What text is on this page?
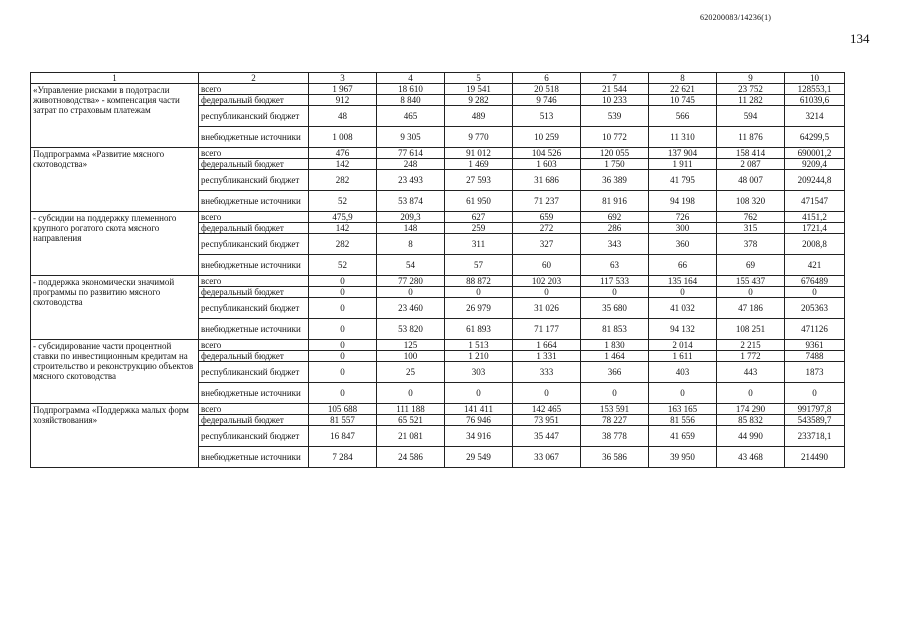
620200083/14236(1)
134
1	2	3	4	5	6	7	8	9	10
«Управление рисками в подотрасли животноводства» - компенсация части затрат по страховым платежам	всего	1 967	18 610	19 541	20 518	21 544	22 621	23 752	128553,1
	федеральный бюджет	912	8 840	9 282	9 746	10 233	10 745	11 282	61039,6
	республиканский бюджет	48	465	489	513	539	566	594	3214
	внебюджетные источники	1 008	9 305	9 770	10 259	10 772	11 310	11 876	64299,5
Подпрограмма «Развитие мясного скотоводства»	всего	476	77 614	91 012	104 526	120 055	137 904	158 414	690001,2
	федеральный бюджет	142	248	1 469	1 603	1 750	1 911	2 087	9209,4
	республиканский бюджет	282	23 493	27 593	31 686	36 389	41 795	48 007	209244,8
	внебюджетные источники	52	53 874	61 950	71 237	81 916	94 198	108 320	471547
- субсидии на поддержку племенного крупного рогатого скота мясного направления	всего	475,9	209,3	627	659	692	726	762	4151,2
	федеральный бюджет	142	148	259	272	286	300	315	1721,4
	республиканский бюджет	282	8	311	327	343	360	378	2008,8
	внебюджетные источники	52	54	57	60	63	66	69	421
- поддержка экономически значимой программы по развитию мясного скотоводства	всего	0	77 280	88 872	102 203	117 533	135 164	155 437	676489
	федеральный бюджет	0	0	0	0	0	0	0	0
	республиканский бюджет	0	23 460	26 979	31 026	35 680	41 032	47 186	205363
	внебюджетные источники	0	53 820	61 893	71 177	81 853	94 132	108 251	471126
- субсидирование части процентной ставки по инвестиционным кредитам на строительство и реконструкцию объектов мясного скотоводства	всего	0	125	1 513	1 664	1 830	2 014	2 215	9361
	федеральный бюджет	0	100	1 210	1 331	1 464	1 611	1 772	7488
	республиканский бюджет	0	25	303	333	366	403	443	1873
	внебюджетные источники	0	0	0	0	0	0	0	0
Подпрограмма «Поддержка малых форм хозяйствования»	всего	105 688	111 188	141 411	142 465	153 591	163 165	174 290	991797,8
	федеральный бюджет	81 557	65 521	76 946	73 951	78 227	81 556	85 832	543589,7
	республиканский бюджет	16 847	21 081	34 916	35 447	38 778	41 659	44 990	233718,1
	внебюджетные источники	7 284	24 586	29 549	33 067	36 586	39 950	43 468	214490
